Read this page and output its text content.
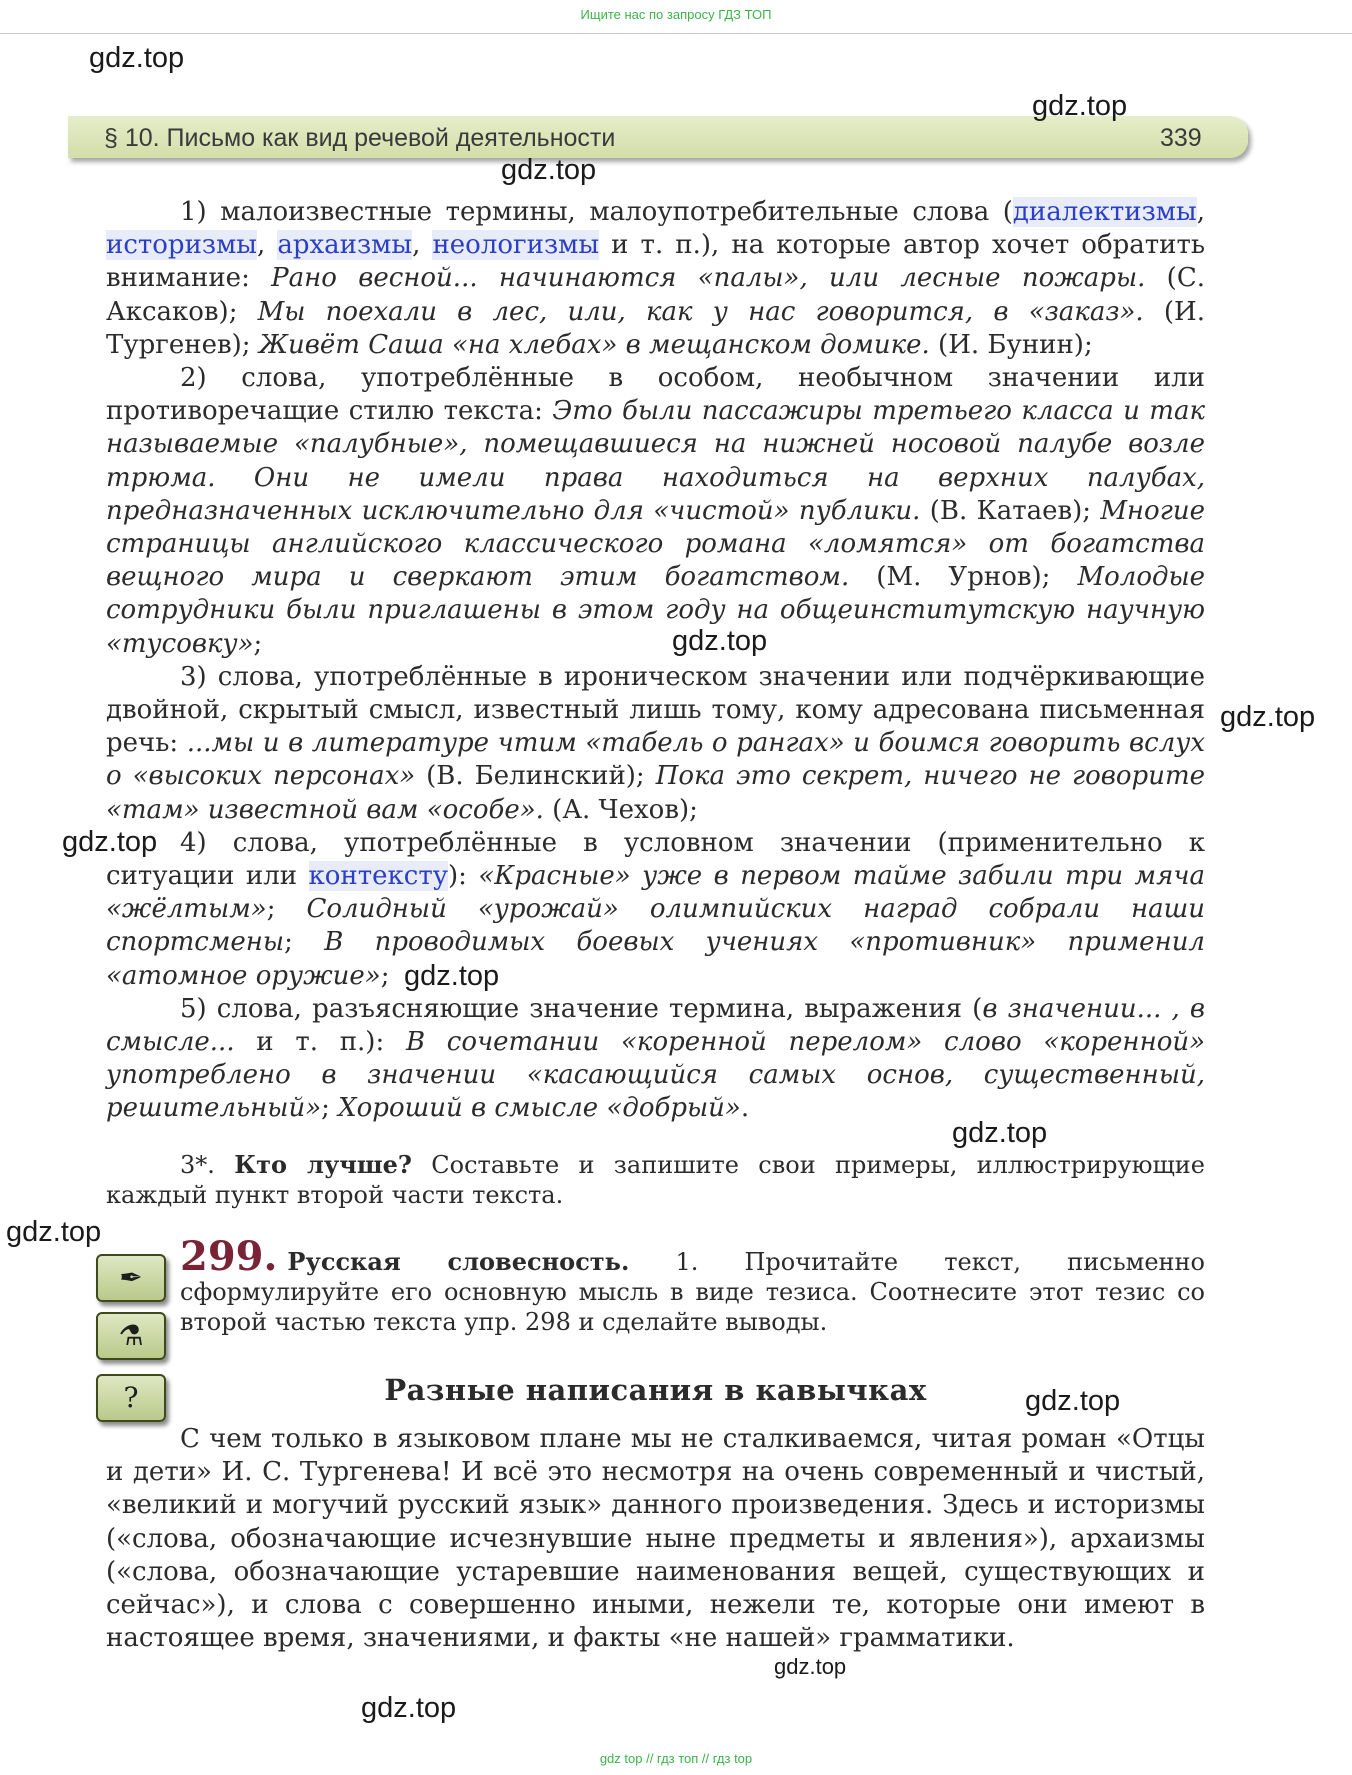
Ищите нас по запросу ГДЗ ТОП
§ 10. Письмо как вид речевой деятельности	339

1) малоизвестные термины, малоупотребительные слова (диалектизмы, историзмы, архаизмы, неологизмы и т. п.), на которые автор хочет обратить внимание: Рано весной... начинаются «палы», или лесные пожары. (С. Аксаков); Мы поехали в лес, или, как у нас говорится, в «заказ». (И. Тургенев); Живёт Саша «на хлебах» в мещанском домике. (И. Бунин);

2) слова, употреблённые в особом, необычном значении или противоречащие стилю текста: Это были пассажиры третьего класса и так называемые «палубные», помещавшиеся на нижней носовой палубе возле трюма. Они не имели права находиться на верхних палубах, предназначенных исключительно для «чистой» публики. (В. Катаев); Многие страницы английского классического романа «ломятся» от богатства вещного мира и сверкают этим богатством. (М. Урнов); Молодые сотрудники были приглашены в этом году на общеинститутскую научную «тусовку»;

3) слова, употреблённые в ироническом значении или подчёркивающие двойной, скрытый смысл, известный лишь тому, кому адресована письменная речь: ...мы и в литературе чтим «табель о рангах» и боимся говорить вслух о «высоких персонах» (В. Белинский); Пока это секрет, ничего не говорите «там» известной вам «особе». (А. Чехов);

4) слова, употреблённые в условном значении (применительно к ситуации или контексту): «Красные» уже в первом тайме забили три мяча «жёлтым»; Солидный «урожай» олимпийских наград собрали наши спортсмены; В проводимых боевых учениях «противник» применил «атомное оружие»;

5) слова, разъясняющие значение термина, выражения (в значении... , в смысле... и т. п.): В сочетании «коренной перелом» слово «коренной» употреблено в значении «касающийся самых основ, существенный, решительный»; Хороший в смысле «добрый».

3*. Кто лучше? Составьте и запишите свои примеры, иллюстрирующие каждый пункт второй части текста.

✒
⚗
?

299. Русская словесность. 1. Прочитайте текст, письменно сформулируйте его основную мысль в виде тезиса. Соотнесите этот тезис со второй частью текста упр. 298 и сделайте выводы.

Разные написания в кавычках

С чем только в языковом плане мы не сталкиваемся, читая роман «Отцы и дети» И. С. Тургенева! И всё это несмотря на очень современный и чистый, «великий и могучий русский язык» данного произведения. Здесь и историзмы («слова, обозначающие исчезнувшие ныне предметы и явления»), архаизмы («слова, обозначающие устаревшие наименования вещей, существующих и сейчас»), и слова с совершенно иными, нежели те, которые они имеют в настоящее время, значениями, и факты «не нашей» грамматики.

gdz.top
gdz.top
gdz.top
gdz.top
gdz.top
gdz.top
gdz.top
gdz.top
gdz.top
gdz.top
gdz.top
gdz.top
gdz top // гдз топ // гдз top
